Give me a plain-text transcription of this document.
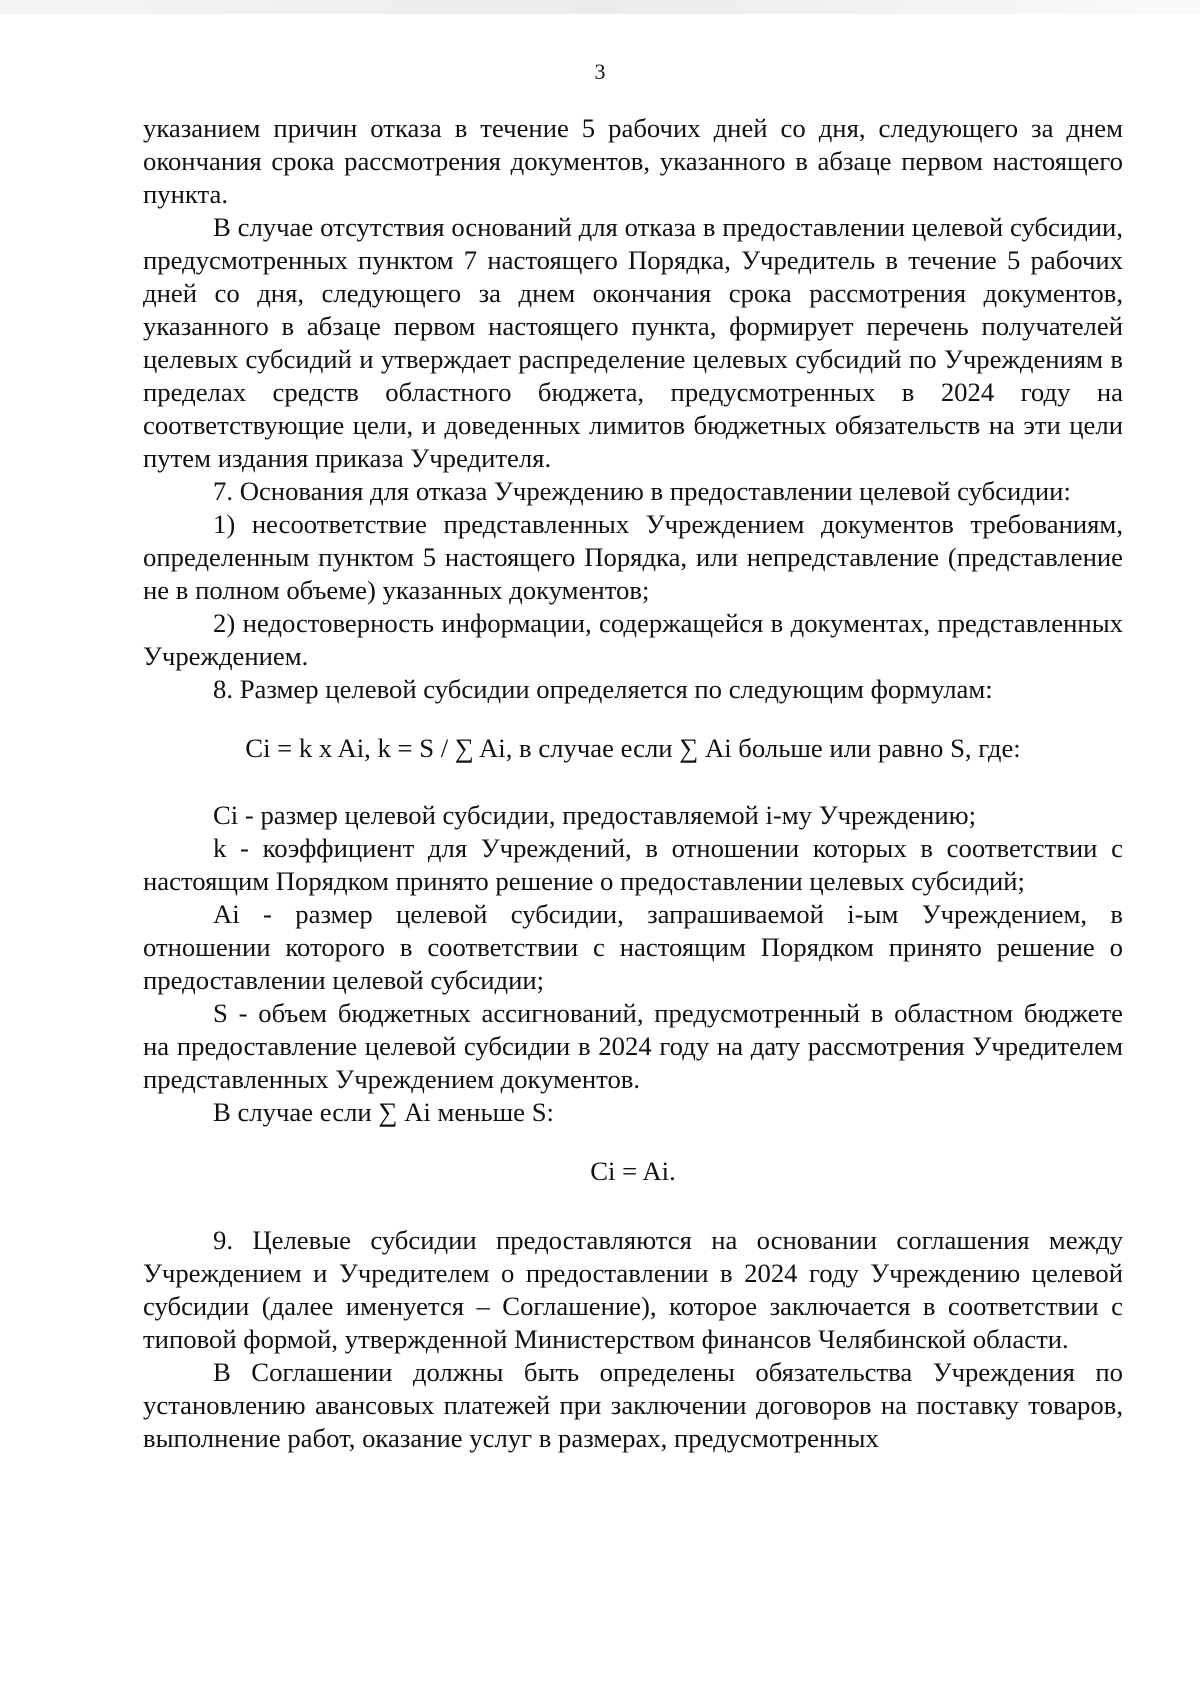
3

указанием причин отказа в течение 5 рабочих дней со дня, следующего за днем окончания срока рассмотрения документов, указанного в абзаце первом настоящего пункта.

В случае отсутствия оснований для отказа в предоставлении целевой субсидии, предусмотренных пунктом 7 настоящего Порядка, Учредитель в течение 5 рабочих дней со дня, следующего за днем окончания срока рассмотрения документов, указанного в абзаце первом настоящего пункта, формирует перечень получателей целевых субсидий и утверждает распределение целевых субсидий по Учреждениям в пределах средств областного бюджета, предусмотренных в 2024 году на соответствующие цели, и доведенных лимитов бюджетных обязательств на эти цели путем издания приказа Учредителя.

7. Основания для отказа Учреждению в предоставлении целевой субсидии:

1) несоответствие представленных Учреждением документов требованиям, определенным пунктом 5 настоящего Порядка, или непредставление (представление не в полном объеме) указанных документов;

2) недостоверность информации, содержащейся в документах, представленных Учреждением.

8. Размер целевой субсидии определяется по следующим формулам:

Ci = k x Ai, k = S / ∑ Ai, в случае если ∑ Ai больше или равно S, где:

Ci - размер целевой субсидии, предоставляемой i-му Учреждению;

k - коэффициент для Учреждений, в отношении которых в соответствии с настоящим Порядком принято решение о предоставлении целевых субсидий;

Ai - размер целевой субсидии, запрашиваемой i-ым Учреждением, в отношении которого в соответствии с настоящим Порядком принято решение о предоставлении целевой субсидии;

S - объем бюджетных ассигнований, предусмотренный в областном бюджете на предоставление целевой субсидии в 2024 году на дату рассмотрения Учредителем представленных Учреждением документов.

В случае если ∑ Ai меньше S:

Ci = Ai.

9. Целевые субсидии предоставляются на основании соглашения между Учреждением и Учредителем о предоставлении в 2024 году Учреждению целевой субсидии (далее именуется – Соглашение), которое заключается в соответствии с типовой формой, утвержденной Министерством финансов Челябинской области.

В Соглашении должны быть определены обязательства Учреждения по установлению авансовых платежей при заключении договоров на поставку товаров, выполнение работ, оказание услуг в размерах, предусмотренных
